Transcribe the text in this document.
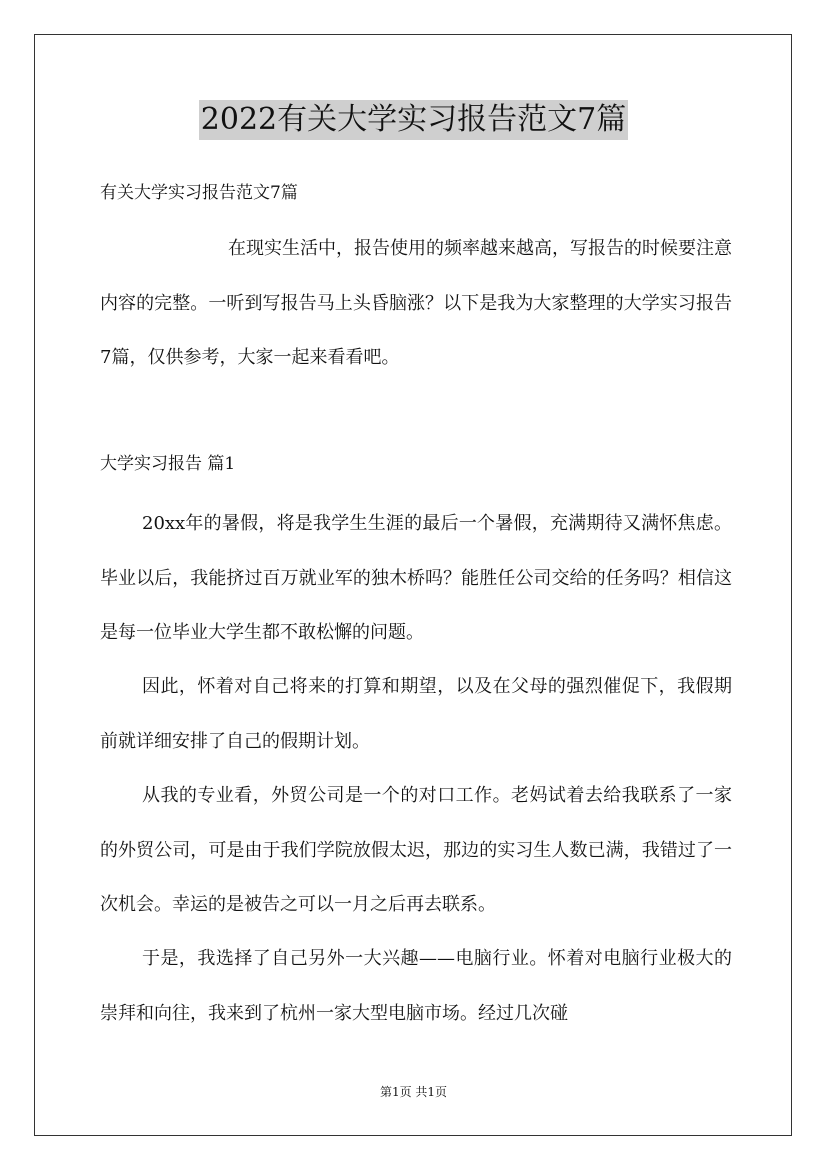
2022有关大学实习报告范文7篇
有关大学实习报告范文7篇

在现实生活中，报告使用的频率越来越高，写报告的时候要注意内容的完整。一听到写报告马上头昏脑涨？以下是我为大家整理的大学实习报告7篇，仅供参考，大家一起来看看吧。

大学实习报告 篇1

20xx年的暑假，将是我学生生涯的最后一个暑假，充满期待又满怀焦虑。毕业以后，我能挤过百万就业军的独木桥吗？能胜任公司交给的任务吗？相信这是每一位毕业大学生都不敢松懈的问题。

因此，怀着对自己将来的打算和期望，以及在父母的强烈催促下，我假期前就详细安排了自己的假期计划。

从我的专业看，外贸公司是一个的对口工作。老妈试着去给我联系了一家的外贸公司，可是由于我们学院放假太迟，那边的实习生人数已满，我错过了一次机会。幸运的是被告之可以一月之后再去联系。

于是，我选择了自己另外一大兴趣——电脑行业。怀着对电脑行业极大的崇拜和向往，我来到了杭州一家大型电脑市场。经过几次碰

第1页 共1页
